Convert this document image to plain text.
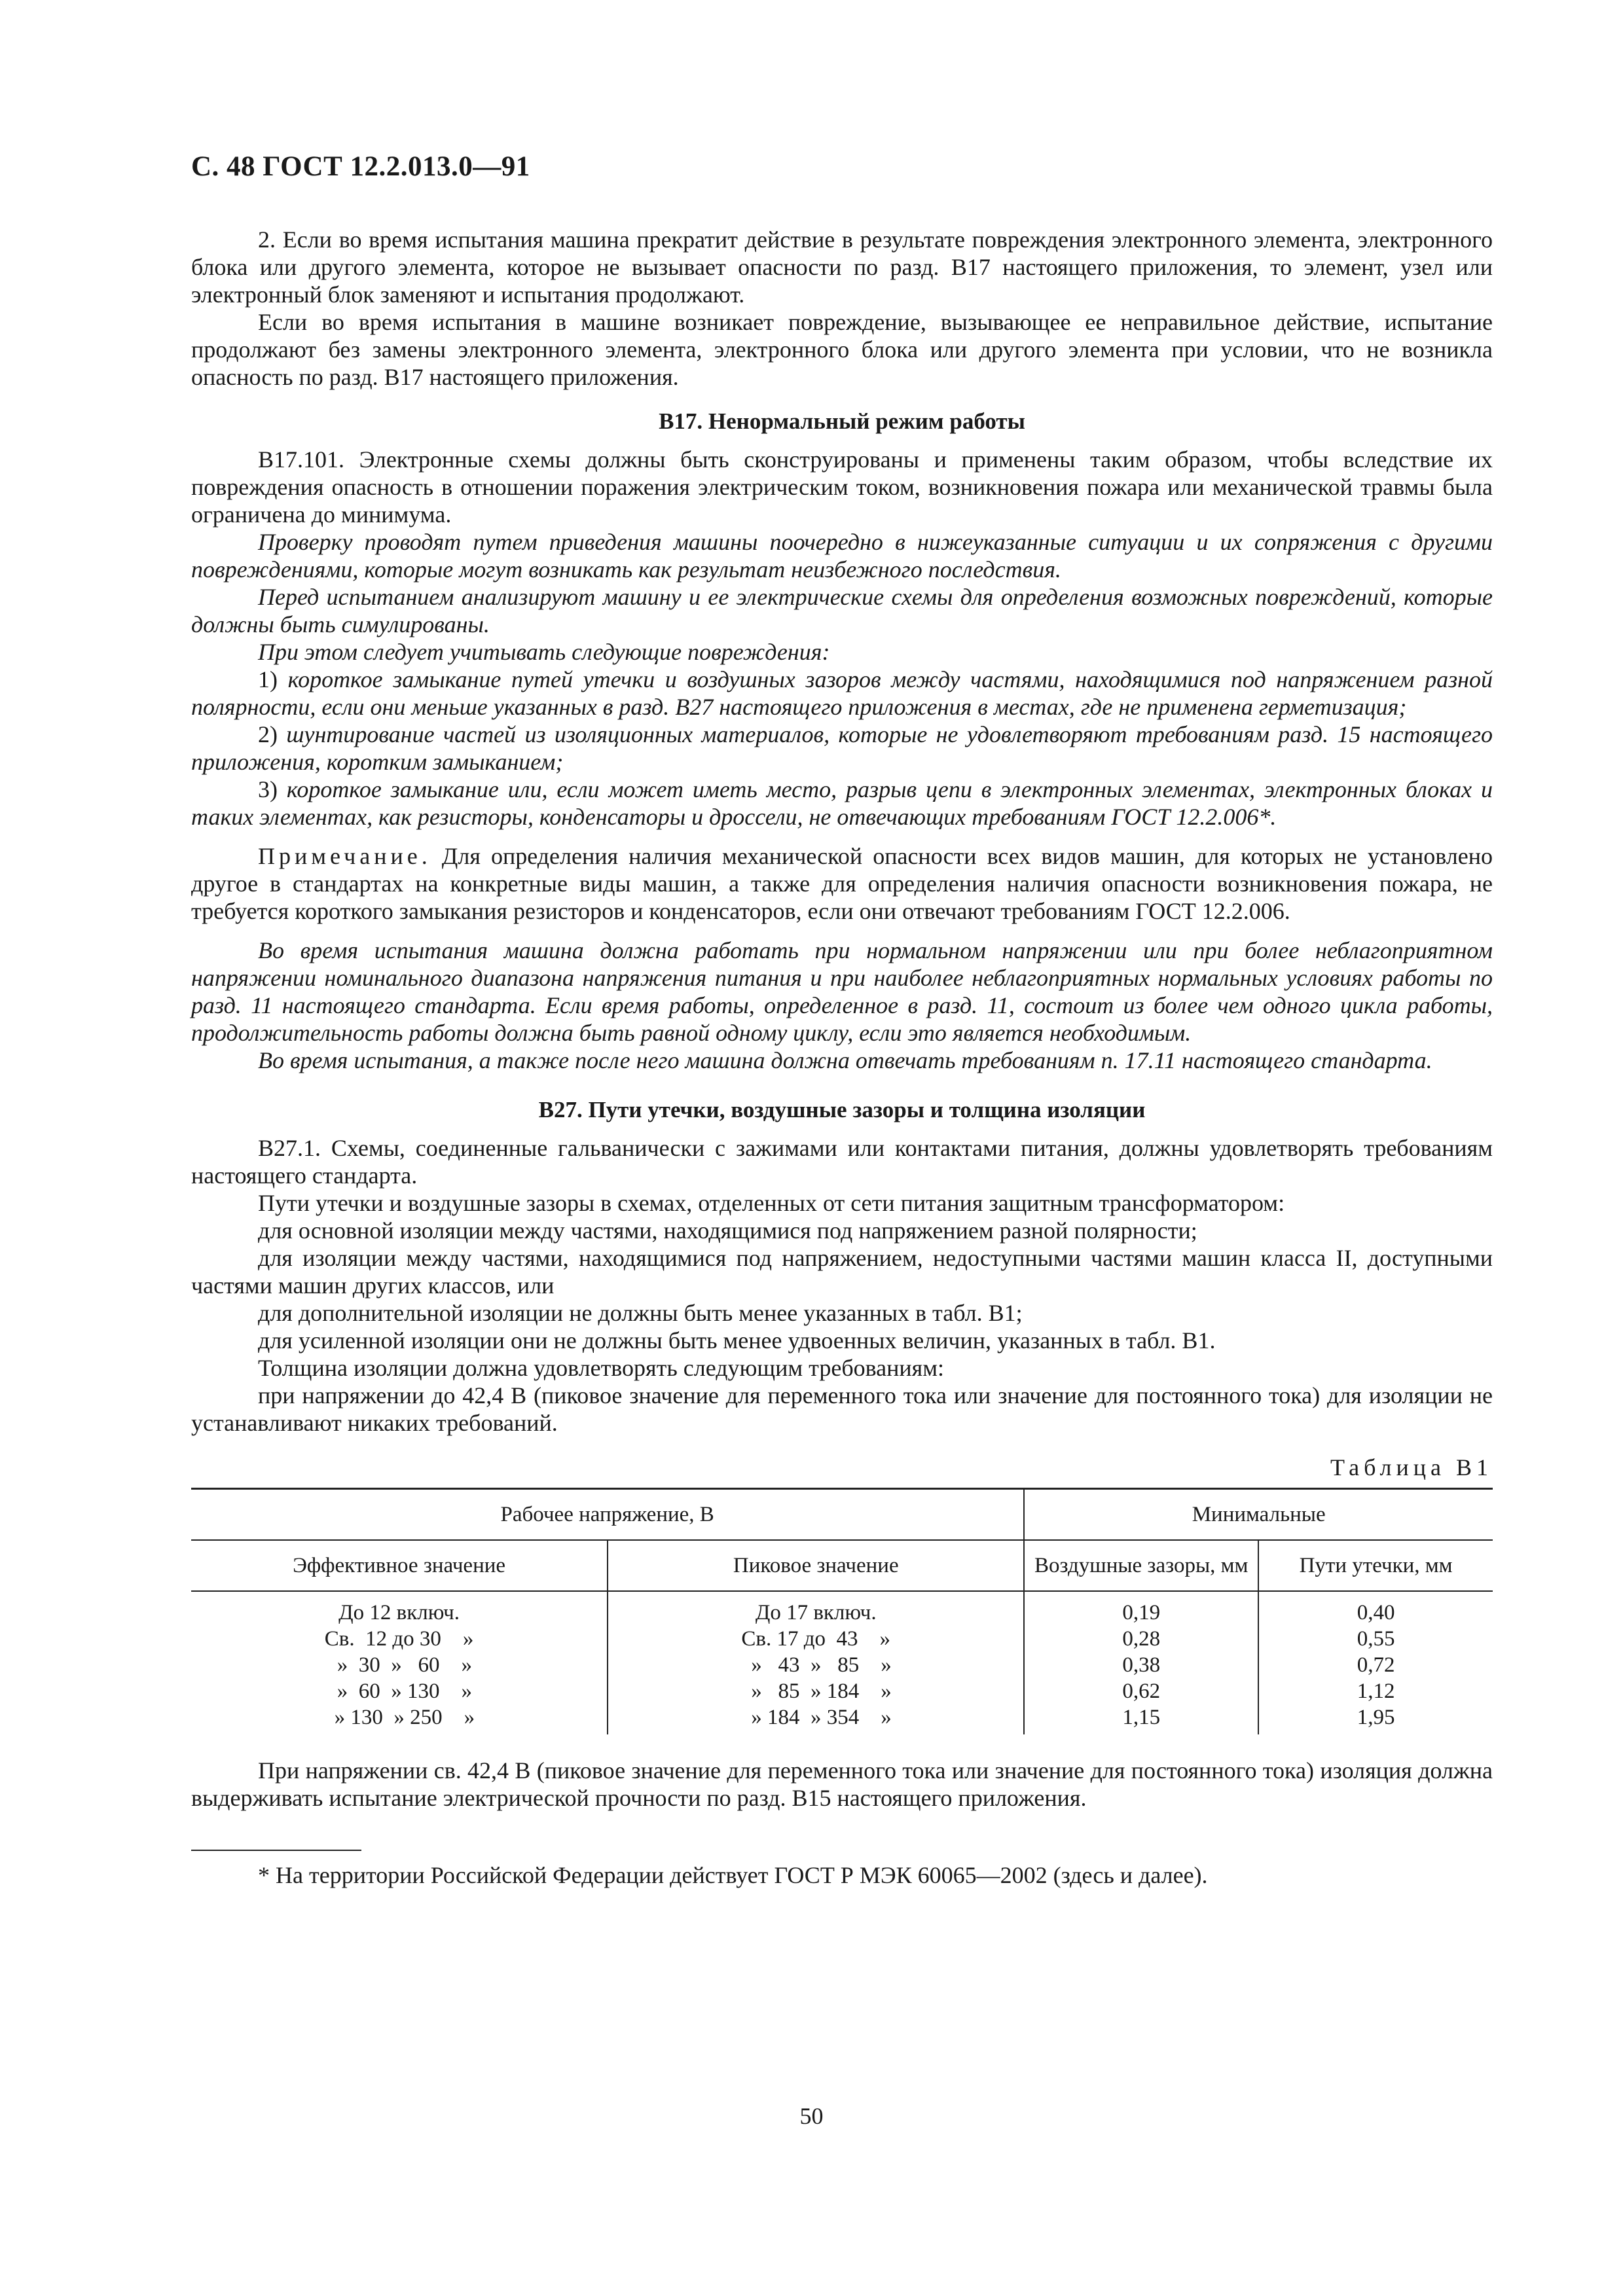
С. 48 ГОСТ 12.2.013.0—91

2. Если во время испытания машина прекратит действие в результате повреждения электронного элемента, электронного блока или другого элемента, которое не вызывает опасности по разд. В17 настоящего приложения, то элемент, узел или электронный блок заменяют и испытания продолжают.

Если во время испытания в машине возникает повреждение, вызывающее ее неправильное действие, испытание продолжают без замены электронного элемента, электронного блока или другого элемента при условии, что не возникла опасность по разд. В17 настоящего приложения.

В17. Ненормальный режим работы

В17.101. Электронные схемы должны быть сконструированы и применены таким образом, чтобы вследствие их повреждения опасность в отношении поражения электрическим током, возникновения пожара или механической травмы была ограничена до минимума.

Проверку проводят путем приведения машины поочередно в нижеуказанные ситуации и их сопряжения с другими повреждениями, которые могут возникать как результат неизбежного последствия.

Перед испытанием анализируют машину и ее электрические схемы для определения возможных повреждений, которые должны быть симулированы.

При этом следует учитывать следующие повреждения:

1) короткое замыкание путей утечки и воздушных зазоров между частями, находящимися под напряжением разной полярности, если они меньше указанных в разд. В27 настоящего приложения в местах, где не применена герметизация;

2) шунтирование частей из изоляционных материалов, которые не удовлетворяют требованиям разд. 15 настоящего приложения, коротким замыканием;

3) короткое замыкание или, если может иметь место, разрыв цепи в электронных элементах, электронных блоках и таких элементах, как резисторы, конденсаторы и дроссели, не отвечающих требованиям ГОСТ 12.2.006*.

Примечание. Для определения наличия механической опасности всех видов машин, для которых не установлено другое в стандартах на конкретные виды машин, а также для определения наличия опасности возникновения пожара, не требуется короткого замыкания резисторов и конденсаторов, если они отвечают требованиям ГОСТ 12.2.006.

Во время испытания машина должна работать при нормальном напряжении или при более неблагоприятном напряжении номинального диапазона напряжения питания и при наиболее неблагоприятных нормальных условиях работы по разд. 11 настоящего стандарта. Если время работы, определенное в разд. 11, состоит из более чем одного цикла работы, продолжительность работы должна быть равной одному циклу, если это является необходимым.

Во время испытания, а также после него машина должна отвечать требованиям п. 17.11 настоящего стандарта.

В27. Пути утечки, воздушные зазоры и толщина изоляции

В27.1. Схемы, соединенные гальванически с зажимами или контактами питания, должны удовлетворять требованиям настоящего стандарта.

Пути утечки и воздушные зазоры в схемах, отделенных от сети питания защитным трансформатором:

для основной изоляции между частями, находящимися под напряжением разной полярности;

для изоляции между частями, находящимися под напряжением, недоступными частями машин класса II, доступными частями машин других классов, или

для дополнительной изоляции не должны быть менее указанных в табл. В1;

для усиленной изоляции они не должны быть менее удвоенных величин, указанных в табл. В1.

Толщина изоляции должна удовлетворять следующим требованиям:

при напряжении до 42,4 В (пиковое значение для переменного тока или значение для постоянного тока) для изоляции не устанавливают никаких требований.

Таблица В1
Рабочее напряжение, В		Минимальные	
Эффективное значение	Пиковое значение	Воздушные зазоры, мм	Пути утечки, мм
До 12 включ.	До 17 включ.	0,19	0,40
Св.  12 до 30    »	Св. 17 до  43    »	0,28	0,55
»  30  »   60    »	»   43  »   85    »	0,38	0,72
»  60  » 130    »	»   85  » 184    »	0,62	1,12
» 130  » 250    »	» 184  » 354    »	1,15	1,95

При напряжении св. 42,4 В (пиковое значение для переменного тока или значение для постоянного тока) изоляция должна выдерживать испытание электрической прочности по разд. В15 настоящего приложения.

* На территории Российской Федерации действует ГОСТ Р МЭК 60065—2002 (здесь и далее).

50
